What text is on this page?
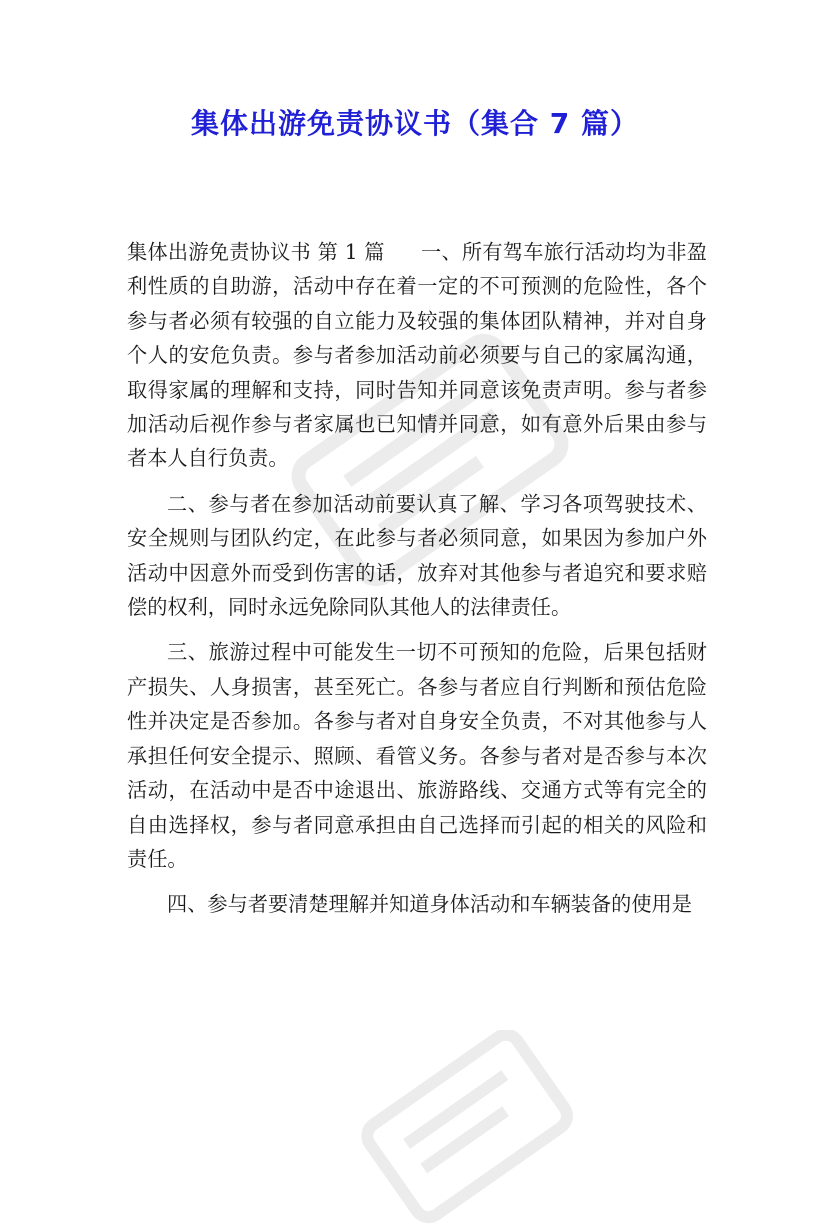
集体出游免责协议书（集合 7 篇）

集体出游免责协议书 第 1 篇 一、所有驾车旅行活动均为非盈利性质的自助游，活动中存在着一定的不可预测的危险性，各个参与者必须有较强的自立能力及较强的集体团队精神，并对自身个人的安危负责。参与者参加活动前必须要与自己的家属沟通，取得家属的理解和支持，同时告知并同意该免责声明。参与者参加活动后视作参与者家属也已知情并同意，如有意外后果由参与者本人自行负责。

二、参与者在参加活动前要认真了解、学习各项驾驶技术、安全规则与团队约定，在此参与者必须同意，如果因为参加户外活动中因意外而受到伤害的话，放弃对其他参与者追究和要求赔偿的权利，同时永远免除同队其他人的法律责任。

三、旅游过程中可能发生一切不可预知的危险，后果包括财产损失、人身损害，甚至死亡。各参与者应自行判断和预估危险性并决定是否参加。各参与者对自身安全负责，不对其他参与人承担任何安全提示、照顾、看管义务。各参与者对是否参与本次活动，在活动中是否中途退出、旅游路线、交通方式等有完全的自由选择权，参与者同意承担由自己选择而引起的相关的风险和责任。

四、参与者要清楚理解并知道身体活动和车辆装备的使用是
